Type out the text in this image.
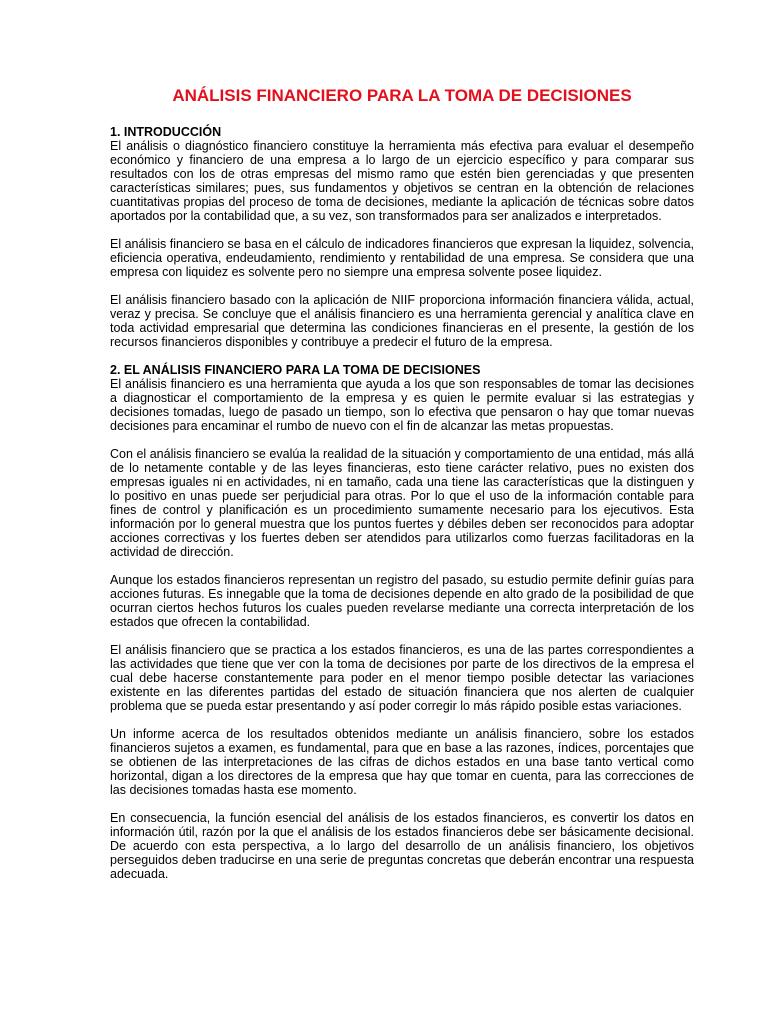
ANÁLISIS FINANCIERO PARA LA TOMA DE DECISIONES
1. INTRODUCCIÓN

El análisis o diagnóstico financiero constituye la herramienta más efectiva para evaluar el desempeño económico y financiero de una empresa a lo largo de un ejercicio específico y para comparar sus resultados con los de otras empresas del mismo ramo que estén bien gerenciadas y que presenten características similares; pues, sus fundamentos y objetivos se centran en la obtención de relaciones cuantitativas propias del proceso de toma de decisiones, mediante la aplicación de técnicas sobre datos aportados por la contabilidad que, a su vez, son transformados para ser analizados e interpretados.

El análisis financiero se basa en el cálculo de indicadores financieros que expresan la liquidez, solvencia, eficiencia operativa, endeudamiento, rendimiento y rentabilidad de una empresa. Se considera que una empresa con liquidez es solvente pero no siempre una empresa solvente posee liquidez.

El análisis financiero basado con la aplicación de NIIF proporciona información financiera válida, actual, veraz y precisa. Se concluye que el análisis financiero es una herramienta gerencial y analítica clave en toda actividad empresarial que determina las condiciones financieras en el presente, la gestión de los recursos financieros disponibles y contribuye a predecir el futuro de la empresa.

2. EL ANÁLISIS FINANCIERO PARA LA TOMA DE DECISIONES

El análisis financiero es una herramienta que ayuda a los que son responsables de tomar las decisiones a diagnosticar el comportamiento de la empresa y es quien le permite evaluar si las estrategias y decisiones tomadas, luego de pasado un tiempo, son lo efectiva que pensaron o hay que tomar nuevas decisiones para encaminar el rumbo de nuevo con el fin de alcanzar las metas propuestas.

Con el análisis financiero se evalúa la realidad de la situación y comportamiento de una entidad, más allá de lo netamente contable y de las leyes financieras, esto tiene carácter relativo, pues no existen dos empresas iguales ni en actividades, ni en tamaño, cada una tiene las características que la distinguen y lo positivo en unas puede ser perjudicial para otras. Por lo que el uso de la información contable para fines de control y planificación es un procedimiento sumamente necesario para los ejecutivos. Esta información por lo general muestra que los puntos fuertes y débiles deben ser reconocidos para adoptar acciones correctivas y los fuertes deben ser atendidos para utilizarlos como fuerzas facilitadoras en la actividad de dirección.

Aunque los estados financieros representan un registro del pasado, su estudio permite definir guías para acciones futuras. Es innegable que la toma de decisiones depende en alto grado de la posibilidad de que ocurran ciertos hechos futuros los cuales pueden revelarse mediante una correcta interpretación de los estados que ofrecen la contabilidad.

El análisis financiero que se practica a los estados financieros, es una de las partes correspondientes a las actividades que tiene que ver con la toma de decisiones por parte de los directivos de la empresa el cual debe hacerse constantemente para poder en el menor tiempo posible detectar las variaciones existente en las diferentes partidas del estado de situación financiera que nos alerten de cualquier problema que se pueda estar presentando y así poder corregir lo más rápido posible estas variaciones.

Un informe acerca de los resultados obtenidos mediante un análisis financiero, sobre los estados financieros sujetos a examen, es fundamental, para que en base a las razones, índices, porcentajes que se obtienen de las interpretaciones de las cifras de dichos estados en una base tanto vertical como horizontal, digan a los directores de la empresa que hay que tomar en cuenta, para las correcciones de las decisiones tomadas hasta ese momento.

En consecuencia, la función esencial del análisis de los estados financieros, es convertir los datos en información útil, razón por la que el análisis de los estados financieros debe ser básicamente decisional. De acuerdo con esta perspectiva, a lo largo del desarrollo de un análisis financiero, los objetivos perseguidos deben traducirse en una serie de preguntas concretas que deberán encontrar una respuesta adecuada.
